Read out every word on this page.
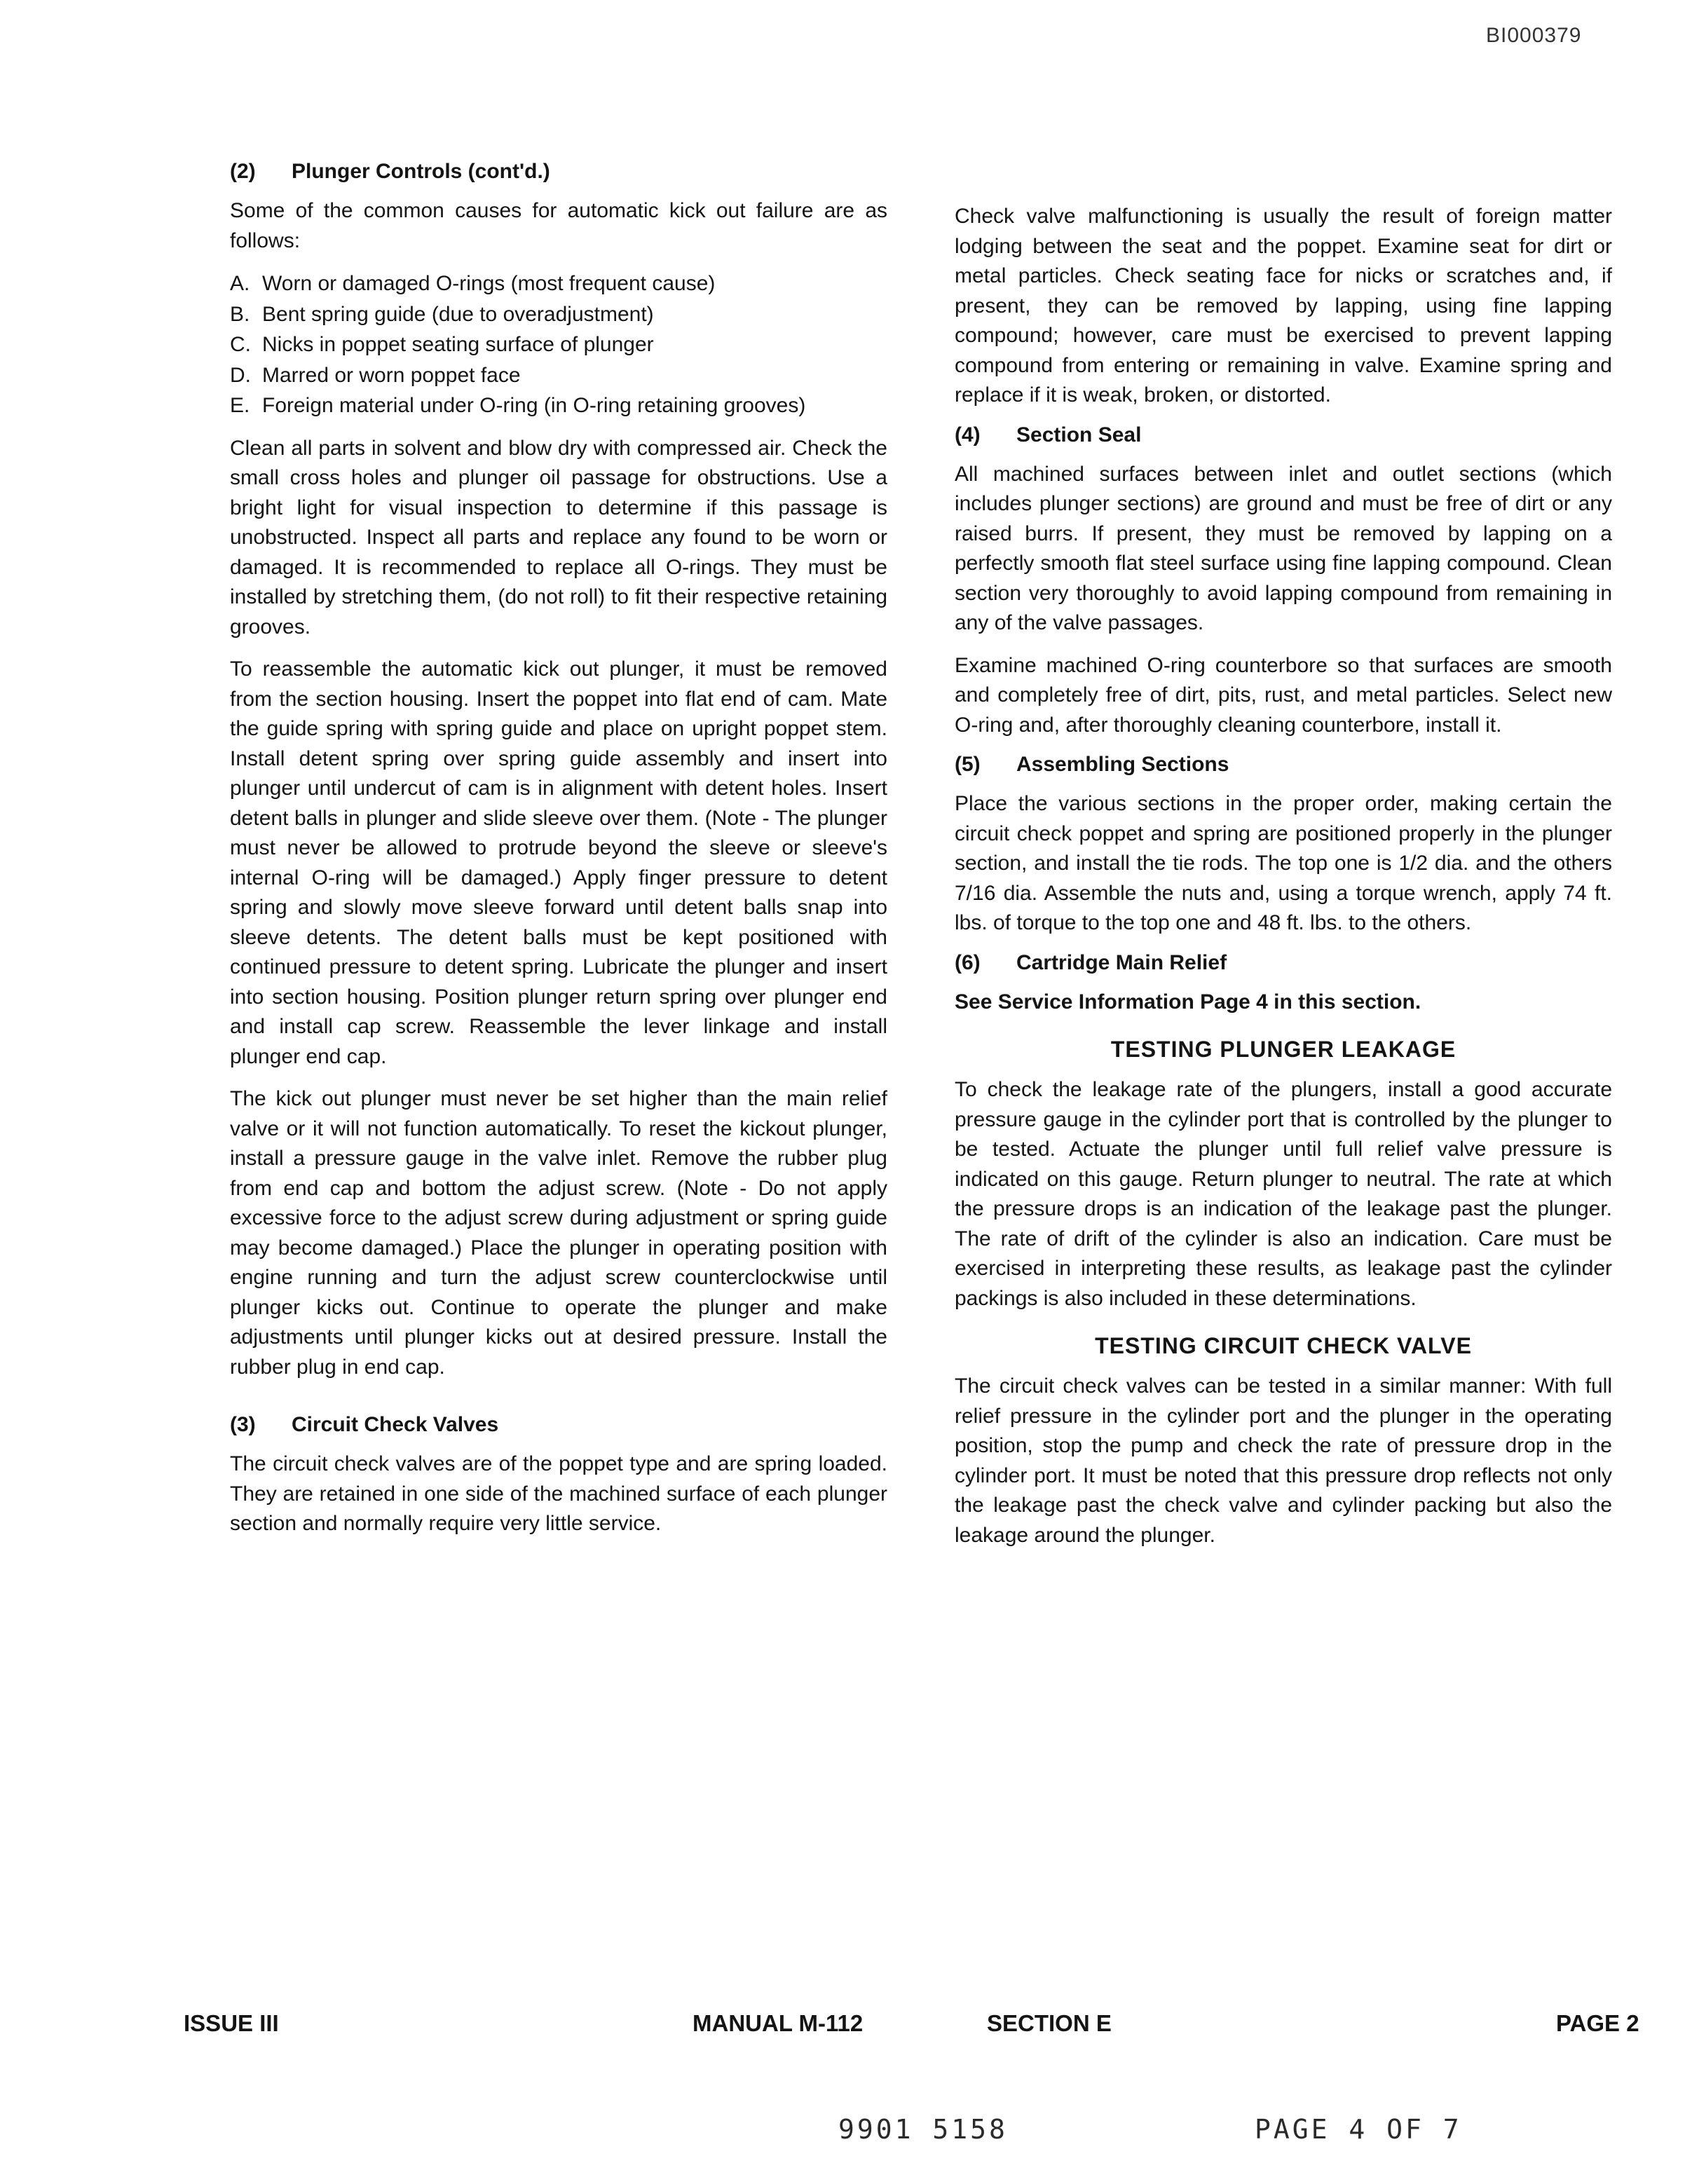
BI000379
(2) Plunger Controls (cont'd.)

Some of the common causes for automatic kick out failure are as follows:

A. Worn or damaged O-rings (most frequent cause)
B. Bent spring guide (due to overadjustment)
C. Nicks in poppet seating surface of plunger
D. Marred or worn poppet face
E. Foreign material under O-ring (in O-ring retaining grooves)

Clean all parts in solvent and blow dry with compressed air. Check the small cross holes and plunger oil passage for obstructions. Use a bright light for visual inspection to determine if this passage is unobstructed. Inspect all parts and replace any found to be worn or damaged. It is recommended to replace all O-rings. They must be installed by stretching them, (do not roll) to fit their respective retaining grooves.

To reassemble the automatic kick out plunger, it must be removed from the section housing. Insert the poppet into flat end of cam. Mate the guide spring with spring guide and place on upright poppet stem. Install detent spring over spring guide assembly and insert into plunger until undercut of cam is in alignment with detent holes. Insert detent balls in plunger and slide sleeve over them. (Note - The plunger must never be allowed to protrude beyond the sleeve or sleeve's internal O-ring will be damaged.) Apply finger pressure to detent spring and slowly move sleeve forward until detent balls snap into sleeve detents. The detent balls must be kept positioned with continued pressure to detent spring. Lubricate the plunger and insert into section housing. Position plunger return spring over plunger end and install cap screw. Reassemble the lever linkage and install plunger end cap.

The kick out plunger must never be set higher than the main relief valve or it will not function automatically. To reset the kickout plunger, install a pressure gauge in the valve inlet. Remove the rubber plug from end cap and bottom the adjust screw. (Note - Do not apply excessive force to the adjust screw during adjustment or spring guide may become damaged.) Place the plunger in operating position with engine running and turn the adjust screw counterclockwise until plunger kicks out. Continue to operate the plunger and make adjustments until plunger kicks out at desired pressure. Install the rubber plug in end cap.

(3) Circuit Check Valves

The circuit check valves are of the poppet type and are spring loaded. They are retained in one side of the machined surface of each plunger section and normally require very little service.

Check valve malfunctioning is usually the result of foreign matter lodging between the seat and the poppet. Examine seat for dirt or metal particles. Check seating face for nicks or scratches and, if present, they can be removed by lapping, using fine lapping compound; however, care must be exercised to prevent lapping compound from entering or remaining in valve. Examine spring and replace if it is weak, broken, or distorted.

(4) Section Seal

All machined surfaces between inlet and outlet sections (which includes plunger sections) are ground and must be free of dirt or any raised burrs. If present, they must be removed by lapping on a perfectly smooth flat steel surface using fine lapping compound. Clean section very thoroughly to avoid lapping compound from remaining in any of the valve passages.

Examine machined O-ring counterbore so that surfaces are smooth and completely free of dirt, pits, rust, and metal particles. Select new O-ring and, after thoroughly cleaning counterbore, install it.

(5) Assembling Sections

Place the various sections in the proper order, making certain the circuit check poppet and spring are positioned properly in the plunger section, and install the tie rods. The top one is 1/2 dia. and the others 7/16 dia. Assemble the nuts and, using a torque wrench, apply 74 ft. lbs. of torque to the top one and 48 ft. lbs. to the others.

(6) Cartridge Main Relief

See Service Information Page 4 in this section.

TESTING PLUNGER LEAKAGE

To check the leakage rate of the plungers, install a good accurate pressure gauge in the cylinder port that is controlled by the plunger to be tested. Actuate the plunger until full relief valve pressure is indicated on this gauge. Return plunger to neutral. The rate at which the pressure drops is an indication of the leakage past the plunger. The rate of drift of the cylinder is also an indication. Care must be exercised in interpreting these results, as leakage past the cylinder packings is also included in these determinations.

TESTING CIRCUIT CHECK VALVE

The circuit check valves can be tested in a similar manner: With full relief pressure in the cylinder port and the plunger in the operating position, stop the pump and check the rate of pressure drop in the cylinder port. It must be noted that this pressure drop reflects not only the leakage past the check valve and cylinder packing but also the leakage around the plunger.

ISSUE III	MANUAL M-112	SECTION E	PAGE 2
9901 5158	PAGE 4 OF 7
